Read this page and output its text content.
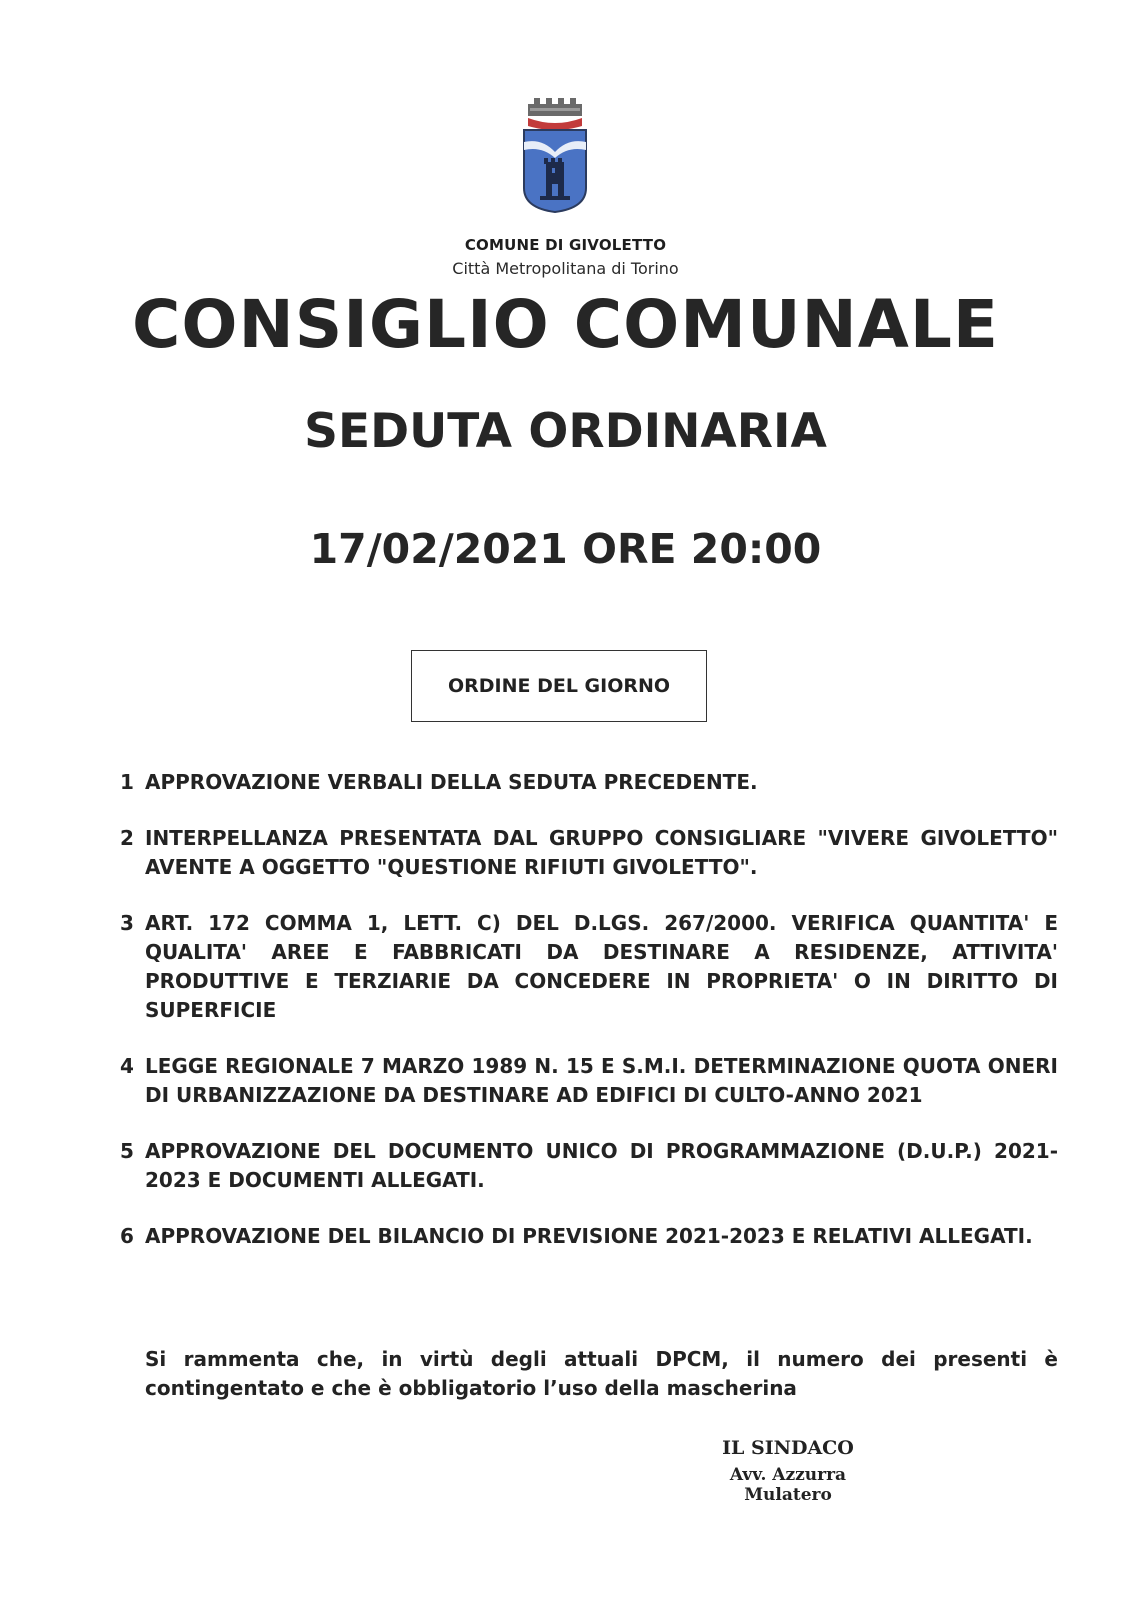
COMUNE DI GIVOLETTO
Città Metropolitana di Torino
CONSIGLIO COMUNALE
SEDUTA ORDINARIA
17/02/2021 ORE 20:00
ORDINE DEL GIORNO
1 APPROVAZIONE VERBALI DELLA SEDUTA PRECEDENTE.
2 INTERPELLANZA PRESENTATA DAL GRUPPO CONSIGLIARE "VIVERE GIVOLETTO" AVENTE A OGGETTO "QUESTIONE RIFIUTI GIVOLETTO".
3 ART. 172 COMMA 1, LETT. C) DEL D.LGS. 267/2000. VERIFICA QUANTITA' E QUALITA' AREE E FABBRICATI DA DESTINARE A RESIDENZE, ATTIVITA' PRODUTTIVE E TERZIARIE DA CONCEDERE IN PROPRIETA' O IN DIRITTO DI SUPERFICIE
4 LEGGE REGIONALE 7 MARZO 1989 N. 15 E S.M.I. DETERMINAZIONE QUOTA ONERI DI URBANIZZAZIONE DA DESTINARE AD EDIFICI DI CULTO-ANNO 2021
5 APPROVAZIONE DEL DOCUMENTO UNICO DI PROGRAMMAZIONE (D.U.P.) 2021-2023 E DOCUMENTI ALLEGATI.
6 APPROVAZIONE DEL BILANCIO DI PREVISIONE 2021-2023 E RELATIVI ALLEGATI.
Si rammenta che, in virtù degli attuali DPCM, il numero dei presenti è contingentato e che è obbligatorio l’uso della mascherina
IL SINDACO
Avv. Azzurra Mulatero
